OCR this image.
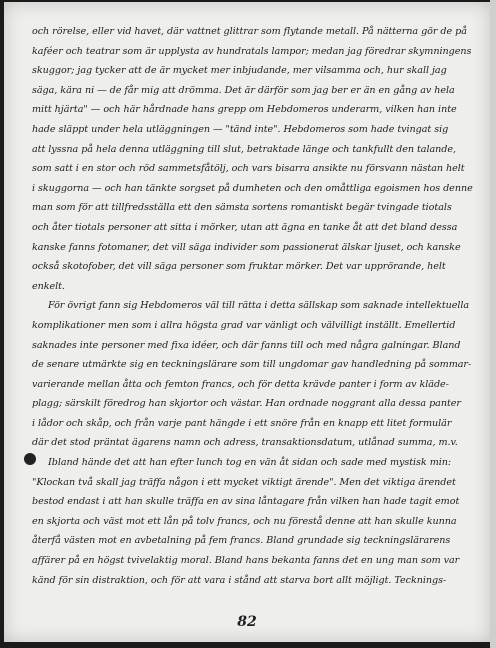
och rörelse, eller vid havet, där vattnet glittrar som flytande metall. På nätterna gör de på
kaféer och teatrar som är upplysta av hundratals lampor; medan jag föredrar skymningens
skuggor; jag tycker att de är mycket mer inbjudande, mer vilsamma och, hur skall jag
säga, kära ni — de får mig att drömma. Det är därför som jag ber er än en gång av hela
mitt hjärta" — och här hårdnade hans grepp om Hebdomeros underarm, vilken han inte
hade släppt under hela utläggningen — "tänd inte". Hebdomeros som hade tvingat sig
att lyssna på hela denna utläggning till slut, betraktade länge och tankfullt den talande,
som satt i en stor och röd sammetsfåtölj, och vars bisarra ansikte nu försvann nästan helt
i skuggorna — och han tänkte sorgset på dumheten och den omåttliga egoismen hos denne
man som för att tillfredsställa ett den sämsta sortens romantiskt begär tvingade tiotals
och åter tiotals personer att sitta i mörker, utan att ägna en tanke åt att det bland dessa
kanske fanns fotomaner, det vill säga individer som passionerat älskar ljuset, och kanske
också skotofober, det vill säga personer som fruktar mörker. Det var upprörande, helt
enkelt.
För övrigt fann sig Hebdomeros väl till rätta i detta sällskap som saknade intellektuella
komplikationer men som i allra högsta grad var vänligt och välvilligt inställt. Emellertid
saknades inte personer med fixa idéer, och där fanns till och med några galningar. Bland
de senare utmärkte sig en teckningslärare som till ungdomar gav handledning på sommar-
varierande mellan åtta och femton francs, och för detta krävde panter i form av kläde-
plagg; särskilt föredrog han skjortor och västar. Han ordnade noggrant alla dessa panter
i lådor och skåp, och från varje pant hängde i ett snöre från en knapp ett litet formulär
där det stod präntat ägarens namn och adress, transaktionsdatum, utlånad summa, m.v.
Ibland hände det att han efter lunch tog en vän åt sidan och sade med mystisk min:
"Klockan två skall jag träffa någon i ett mycket viktigt ärende". Men det viktiga ärendet
bestod endast i att han skulle träffa en av sina låntagare från vilken han hade tagit emot
en skjorta och väst mot ett lån på tolv francs, och nu förestå denne att han skulle kunna
återfå västen mot en avbetalning på fem francs. Bland grundade sig teckningslärarens
affärer på en högst tvivelaktig moral. Bland hans bekanta fanns det en ung man som var
känd för sin distraktion, och för att vara i stånd att starva bort allt möjligt. Tecknings-
82
